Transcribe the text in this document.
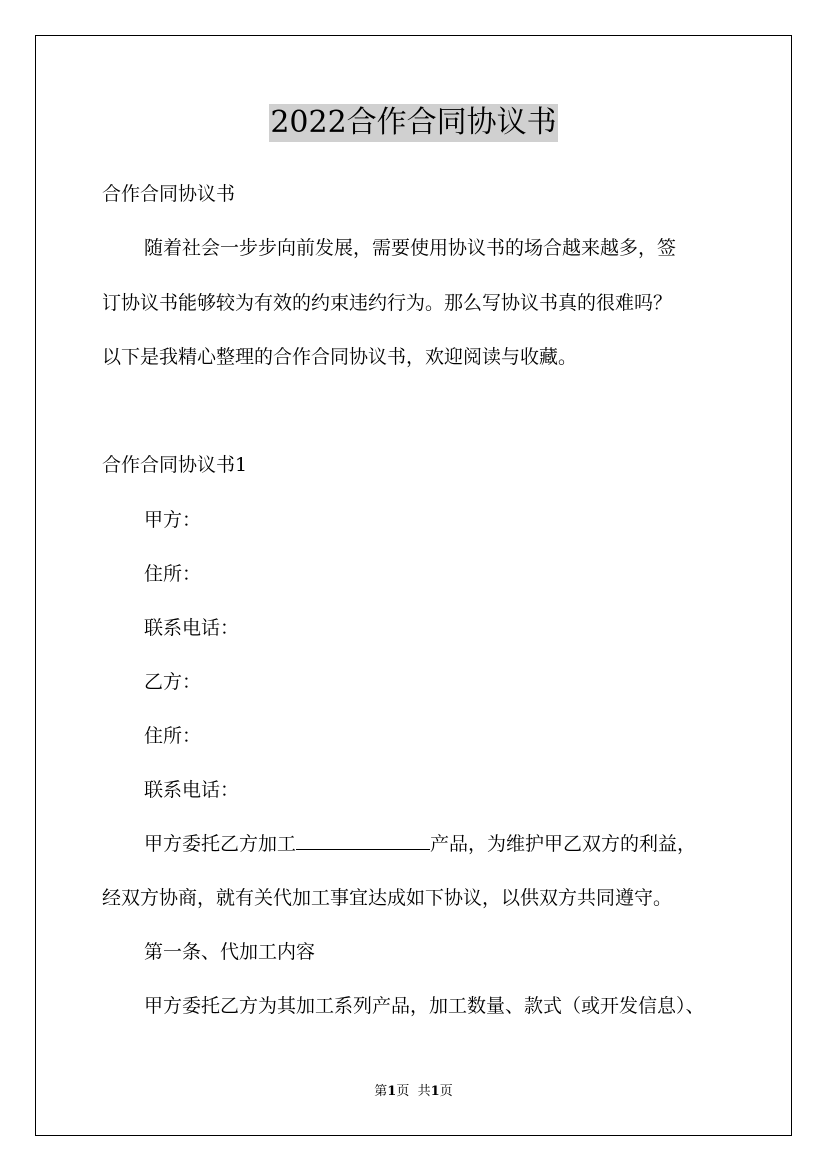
2022合作合同协议书
合作合同协议书
随着社会一步步向前发展，需要使用协议书的场合越来越多，签
订协议书能够较为有效的约束违约行为。那么写协议书真的很难吗？
以下是我精心整理的合作合同协议书，欢迎阅读与收藏。
合作合同协议书1
甲方：
住所：
联系电话：
乙方：
住所：
联系电话：
甲方委托乙方加工	产品，为维护甲乙双方的利益，
经双方协商，就有关代加工事宜达成如下协议，以供双方共同遵守。
第一条、代加工内容
甲方委托乙方为其加工系列产品，加工数量、款式（或开发信息）、
第1页 共1页
